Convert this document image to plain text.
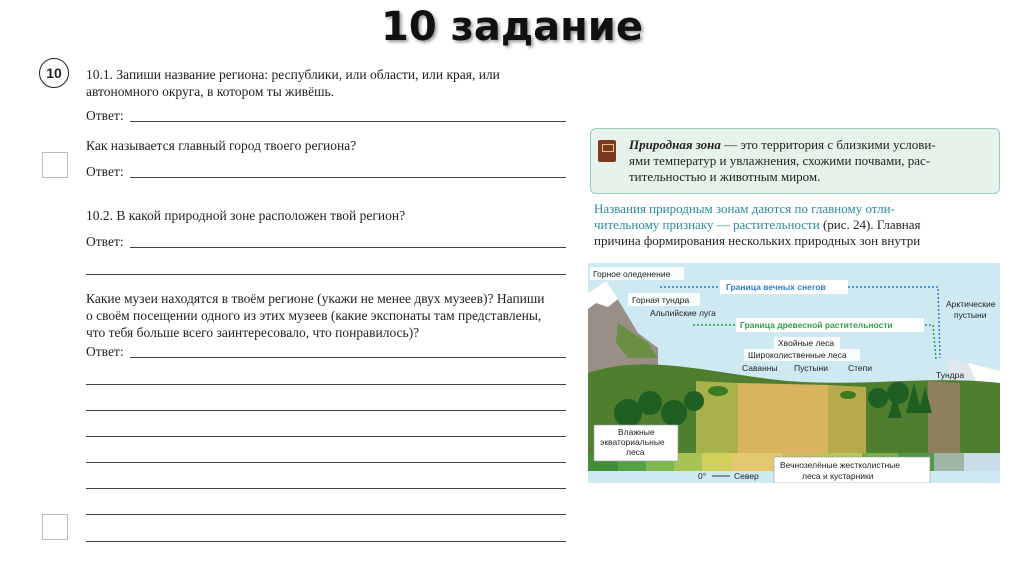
10 задание
10	10.1. Запиши название региона: республики, или области, или края, или
автономного округа, в котором ты живёшь.
Ответ:
Как называется главный город твоего региона?
Ответ:
10.2. В какой природной зоне расположен твой регион?
Ответ:
Какие музеи находятся в твоём регионе (укажи не менее двух музеев)? Напиши
о своём посещении одного из этих музеев (какие экспонаты там представлены,
что тебя больше всего заинтересовало, что понравилось)?
Ответ:
Природная зона — это территория с близкими услови-
ями температур и увлажнения, схожими почвами, рас-
тительностью и животным миром.
Названия природным зонам даются по главному отли-
чительному признаку — растительности (рис. 24). Главная
причина формирования нескольких природных зон внутри
Горное оледенение
Граница вечных снегов
Горная тундра
Альпийские луга
Граница древесной растительности
Арктические
пустыни
Хвойные леса
Широколиственные леса
Саванны Пустыни Степи
Тундра
Влажные
экваториальные
леса
0°	Север
Вечнозелёные жестколистные
леса и кустарники
